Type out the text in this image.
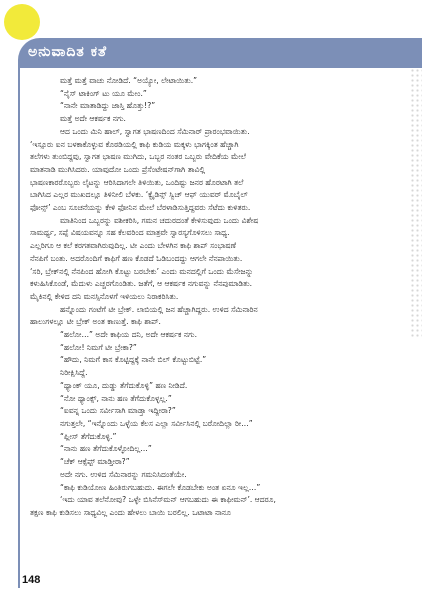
ಅನುವಾದಿತ ಕತೆ

ಮತ್ತೆ ಮತ್ತೆ ವಾಚು ನೋಡಿದೆ. “ಅಯ್ಯೋ, ಲೇಟಾಯಿತು.”

“ನೈಸ್ ಟಾಕಿಂಗ್ ಟು ಯೂ ಮೇಂ.”

“ನಾನೇ ಮಾತಾಡಿದ್ದು ಜಾಸ್ತಿ ಹೊತ್ತು!?”

ಮತ್ತೆ ಅದೇ ಆಕರ್ಷಕ ನಗು.

ಆದ ಒಂದು ಮಿನಿ ಹಾಲ್, ಸ್ವಾಗತ ಭಾಷಣದಿಂದ ಸೆಮಿನಾರ್ ಪ್ರಾರಂಭವಾಯಿತು.
‘ಇಸ್ಸೂರು ಐನ ಬಳಕಾಕೊಳ್ಳುವ ಕೊಠಡಿಯಲ್ಲಿ ಕಾಫಿ ಕುಡಿಯ ಮಕ್ಕಳು ಭಾಗಕ್ಕಿಂತ ಹೆಚ್ಚಾಗಿ
ತಲೆಗಳು ತುಂಬಿದ್ದವು, ಸ್ವಾಗತ ಭಾಷಣ ಮುಗಿದು, ಒಬ್ಬರ ನಂತರ ಒಬ್ಬರು ವೇದಿಕೆಯ ಮೇಲೆ
ಮಾತನಾಡಿ ಮುಗಿಸಿದರು. ಯಾವುದೋ ಒಂದು ಪ್ರೆಸೆಂಟೇಷನ್‌ಗಾಗಿ ತಾವಿಲ್ಲಿ
ಭಾಷಣಕಾರರೊಬ್ಬರು ಲೈಟನ್ನು ಆರಿಸಿದಾಗಲೇ ತಿಳಿಯಿತು, ಒಂದಿಷ್ಟು ಜನರ ಹೊರಟಾಗಿ ತಲೆ
ಬಾಗಿಸಿದ ಎಲ್ಲರ ಮುಖದಲ್ಲೂ ತಿಳಿನೀಲಿ ಬೆಳಕು. ‘ಕ್ವೈಡಿನ್ಸ್ ಸ್ವಿಚ್ ಆಫ್ ಯುವರ್ ಮೊಬೈಲ್
ಫೋನ್ಸ್’ ಎಂಬ ಸೂಚನೆಯನ್ನು ಕೇಳಿ ಫೋನಿನ ಮೇಲೆ ಬೆರಳಾಡಿಸುತ್ತಿದ್ದವರು ಸೆಟೆದು ಕುಳಿತರು.

ಮಾತಿನಿಂದ ಒಬ್ಬರನ್ನು ವಶೀಕರಿಸಿ, ಗಮನ ಚದುರದಂತೆ ಕೇಳಿಸುವುದು ಒಂದು ವಿಶೇಷ
ಸಾಮರ್ಥ್ಯ, ಸಪ್ಪೆ ವಿಷಯವನ್ನೂ ಸಹ ಕೆಲವರಿಂದ ಮಾತ್ರವೇ ಸ್ವಾರಸ್ಯಗೊಳಿಸಲು ಸಾಧ್ಯ.
ಎಲ್ಲರಿಗೂ ಆ ಕಲೆ ಕರಗತವಾಗಿರುವುದಿಲ್ಲ. ಟೀ ಎಂದು ಬೇಳಗಿನ ಕಾಫಿ ಶಾಪ್ ಸಂಭಾಷಣೆ
ನೆನಪಿಗೆ ಬಂತು. ಅದರೊಂದಿಗೆ ಕಾಫಿಗೆ ಹಣ ಕೊಡದೆ ಓಡಿಬಂದದ್ದು ಆಗಲೇ ನೆನಪಾಯಿತು.
‘ಸರಿ, ಬ್ರೇಕ್‌ನಲ್ಲಿ ನೆನಪಿಂದ ಹೋಗಿ ಕೊಟ್ಟು ಬರಬೇಕು’ ಎಂದು ಮನದಲ್ಲಿಗೆ ಒಂದು ಮೆಸೇಜನ್ನು
ಕಳುಹಿಸಿಕೊಂಡೆ, ಮೆದುಳು ಎಚ್ಚರಗೊಂಡಿತು. ಜತೆಗೆ, ಆ ಆಕರ್ಷಕ ನಗುವನ್ನು ನೆನಪುಮಾಡಿತು.
ಮೈಕಿನಲ್ಲಿ ಕೇಳಿದ ದನಿ ಮನಸ್ಸಿನೊಳಗೆ ಇಳಿಯಲು ನಿರಾಕರಿಸಿತು.

ಹನ್ನೊಂದು ಗಂಟೆಗೆ ಟೀ ಬ್ರೇಕ್. ಲಾಬಿಯಲ್ಲಿ ಜನ ಹೆಚ್ಚಾಗಿದ್ದರು. ಉಳಿದ ಸೆಮಿನಾರಿನ
ಹಾಲುಗಳಲ್ಲೂ ಟೀ ಬ್ರೇಕ್ ಅಂತ ಕಾಣುತ್ತೆ. ಕಾಫಿ ಶಾಪ್.

“ಹಲೋ…” ಅದೇ ಕಾಫಿಯ ದನಿ, ಅದೇ ಆಕರ್ಷಕ ನಗು.

“ಹಲೋ! ನಿಮಗೆ ಟೀ ಬ್ರೇಕಾ?”

“ಹೌದು, ನಿಮಗೆ ಕಾಸ ಕೊಟ್ಟಿದ್ದಕ್ಕೆ ನಾನೇ ಬಿಲ್ ಕೊಟ್ಟುಬಿಟ್ಟೆ.”

ನಿರೀಕ್ಷಿಸಿದ್ದೆ.

“ಥ್ಯಾಂಕ್ ಯೂ, ದುಡ್ಡು ತೆಗೆದುಕೊಳ್ಳಿ” ಹಣ ನೀಡಿದೆ.

“ನೋ ಥ್ಯಾಂಕ್ಸ್, ನಾನು ಹಣ ತೆಗೆದುಕೊಳ್ಳಲ್ಲ.”

“ಐವನ್ನ ಒಂದು ಸರ್ವೀಸಾಗಿ ಮಾಡ್ತಾ ಇದ್ದೀರಾ?”

ನಗುತ್ತಲೇ, “ಇನ್ನೊಂದು ಒಳ್ಳೆಯ ಕೆಲಸ ಎಲ್ಲಾ ಸರ್ವೀಸಿನಲ್ಲಿ ಬರೋದಿಲ್ಲಾ ರೀ…”

“ಪ್ಲೀಸ್ ತೆಗೆದುಕೊಳ್ಳಿ.”

“ನಾನು ಹಣ ತೆಗೆದುಕೊಳ್ಳೋದಿಲ್ಲ…”

“ಚೆಕ್ ಆಕ್ಸೆಪ್ಟ್ ಮಾಡ್ತೀರಾ?”

ಅದೇ ನಗು. ಉಳಿದ ಸೆಮಿನಾರನ್ನು ಗಮನಿಸಿದಂತೆಯೇ.

“ಕಾಫಿ ಕುಡಿಯೋಣ ಹಿಂತಿರುಗಬಹುದು. ಈಗಲೇ ಕೊಡಬೇಕು ಅಂತ ಏನೂ ಇಲ್ಲ…”

‘ಇದು ಯಾವ ತಲೆನೋವು? ಒಳ್ಳೇ ಬಿಸಿನೆಸ್‌ಮನ್ ಆಗಬಹುದು ಈ ಕಾಫೀಮನ್’. ಆದರೂ,
ತಕ್ಷಣ ಕಾಫಿ ಕುಡಿಸಲು ಸಾಧ್ಯವಿಲ್ಲ ಎಂದು ಹೇಳಲು ಬಾಯಿ ಬರಲಿಲ್ಲ. ಒಟಾಟಾ ನಾನೂ

148
